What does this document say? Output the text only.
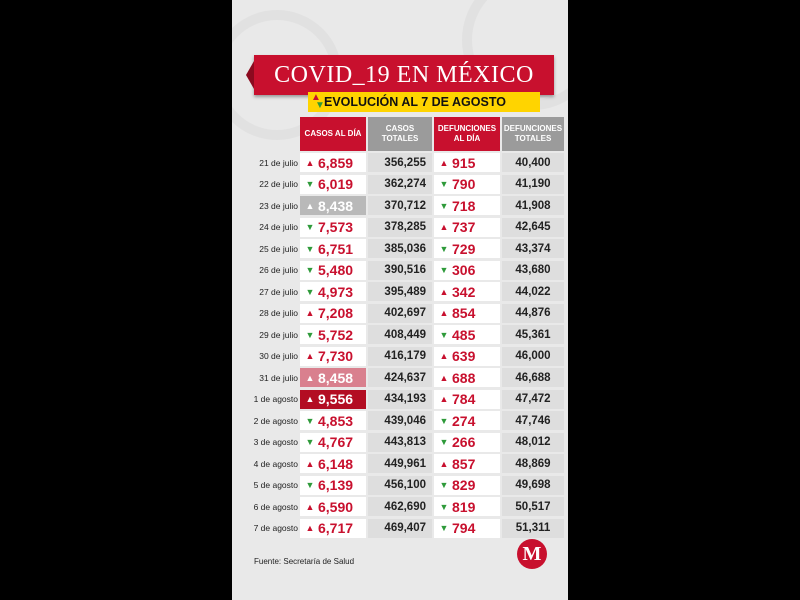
COVID_19 EN MÉXICO
▲
▼ EVOLUCIÓN AL 7 DE AGOSTO
CASOS AL DÍA
CASOS TOTALES
DEFUNCIONES AL DÍA
DEFUNCIONES TOTALES
21 de julio ▲ 6,859	356,255	▲ 915	40,400
22 de julio ▼ 6,019	362,274	▼ 790	41,190
23 de julio ▲ 8,438	370,712	▼ 718	41,908
24 de julio ▼ 7,573	378,285	▲ 737	42,645
25 de julio ▼ 6,751	385,036	▼ 729	43,374
26 de julio ▼ 5,480	390,516	▼ 306	43,680
27 de julio ▼ 4,973	395,489	▲ 342	44,022
28 de julio ▲ 7,208	402,697	▲ 854	44,876
29 de julio ▼ 5,752	408,449	▼ 485	45,361
30 de julio ▲ 7,730	416,179	▲ 639	46,000
31 de julio ▲ 8,458	424,637	▲ 688	46,688
1 de agosto ▲ 9,556	434,193	▲ 784	47,472
2 de agosto ▼ 4,853	439,046	▼ 274	47,746
3 de agosto ▼ 4,767	443,813	▼ 266	48,012
4 de agosto ▲ 6,148	449,961	▲ 857	48,869
5 de agosto ▼ 6,139	456,100	▼ 829	49,698
6 de agosto ▲ 6,590	462,690	▼ 819	50,517
7 de agosto ▲ 6,717	469,407	▼ 794	51,311
Fuente: Secretaría de Salud	M
